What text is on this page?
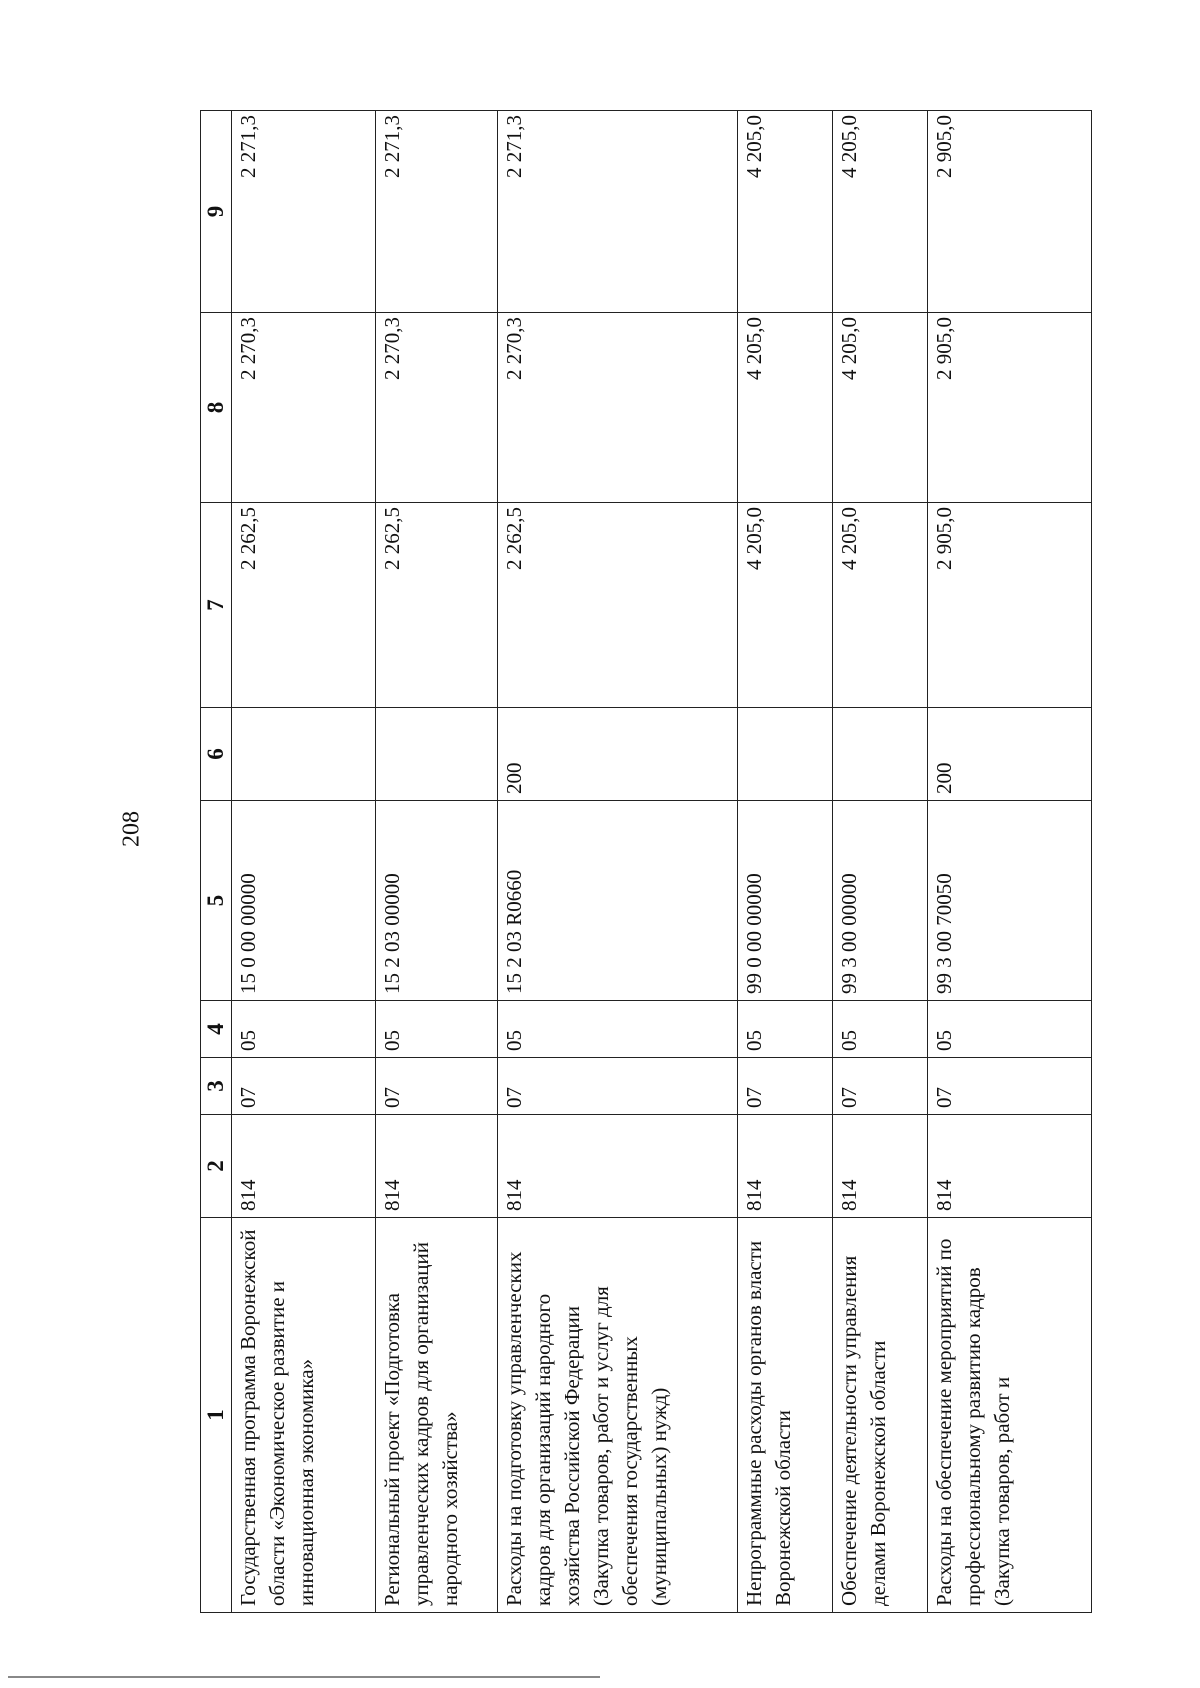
208
1	2	3	4	5	6	7	8	9
Государственная программа Воронежской области «Экономическое развитие и инновационная экономика»	814	07	05	15 0 00 00000		2 262,5	2 270,3	2 271,3
Региональный проект «Подготовка управленческих кадров для организаций народного хозяйства»	814	07	05	15 2 03 00000		2 262,5	2 270,3	2 271,3
Расходы на подготовку управленческих кадров для организаций народного хозяйства Российской Федерации (Закупка товаров, работ и услуг для обеспечения государственных (муниципальных) нужд)	814	07	05	15 2 03 R0660	200	2 262,5	2 270,3	2 271,3
Непрограммные расходы органов власти Воронежской области	814	07	05	99 0 00 00000		4 205,0	4 205,0	4 205,0
Обеспечение деятельности управления делами Воронежской области	814	07	05	99 3 00 00000		4 205,0	4 205,0	4 205,0
Расходы на обеспечение мероприятий по профессиональному развитию кадров (Закупка товаров, работ и	814	07	05	99 3 00 70050	200	2 905,0	2 905,0	2 905,0
